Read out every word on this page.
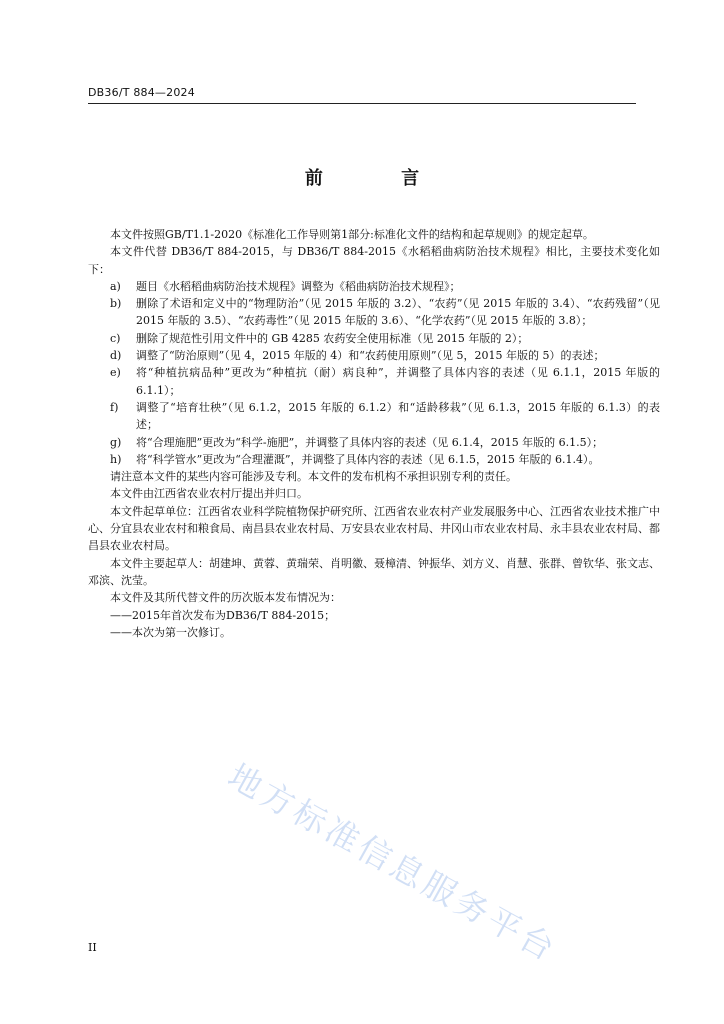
DB36/T 884—2024
前 言

本文件按照GB/T1.1-2020《标准化工作导则第1部分:标准化文件的结构和起草规则》的规定起草。

本文件代替 DB36/T 884-2015，与 DB36/T 884-2015《水稻稻曲病防治技术规程》相比，主要技术变化如下：

a) 题目《水稻稻曲病防治技术规程》调整为《稻曲病防治技术规程》；
b) 删除了术语和定义中的“物理防治”（见 2015 年版的 3.2）、“农药”（见 2015 年版的 3.4）、“农药残留”（见 2015 年版的 3.5）、“农药毒性”（见 2015 年版的 3.6）、“化学农药”（见 2015 年版的 3.8）；
c) 删除了规范性引用文件中的 GB 4285 农药安全使用标准（见 2015 年版的 2）；
d) 调整了“防治原则”（见 4，2015 年版的 4）和“农药使用原则”（见 5，2015 年版的 5）的表述；
e) 将“种植抗病品种”更改为“种植抗（耐）病良种”，并调整了具体内容的表述（见 6.1.1，2015 年版的 6.1.1）；
f) 调整了“培育壮秧”（见 6.1.2，2015 年版的 6.1.2）和“适龄移栽”（见 6.1.3，2015 年版的 6.1.3）的表述；
g) 将“合理施肥”更改为“科学-施肥”，并调整了具体内容的表述（见 6.1.4，2015 年版的 6.1.5）；
h) 将“科学管水”更改为“合理灌溉”，并调整了具体内容的表述（见 6.1.5，2015 年版的 6.1.4）。

请注意本文件的某些内容可能涉及专利。本文件的发布机构不承担识别专利的责任。

本文件由江西省农业农村厅提出并归口。

本文件起草单位：江西省农业科学院植物保护研究所、江西省农业农村产业发展服务中心、江西省农业技术推广中心、分宜县农业农村和粮食局、南昌县农业农村局、万安县农业农村局、井冈山市农业农村局、永丰县农业农村局、都昌县农业农村局。

本文件主要起草人：胡建坤、黄蓉、黄瑞荣、肖明徽、聂樟清、钟振华、刘方义、肖慧、张群、曾钦华、张文志、邓滨、沈莹。

本文件及其所代替文件的历次版本发布情况为：

——2015年首次发布为DB36/T 884-2015；

——本次为第一次修订。

地方标准信息服务平台
II
